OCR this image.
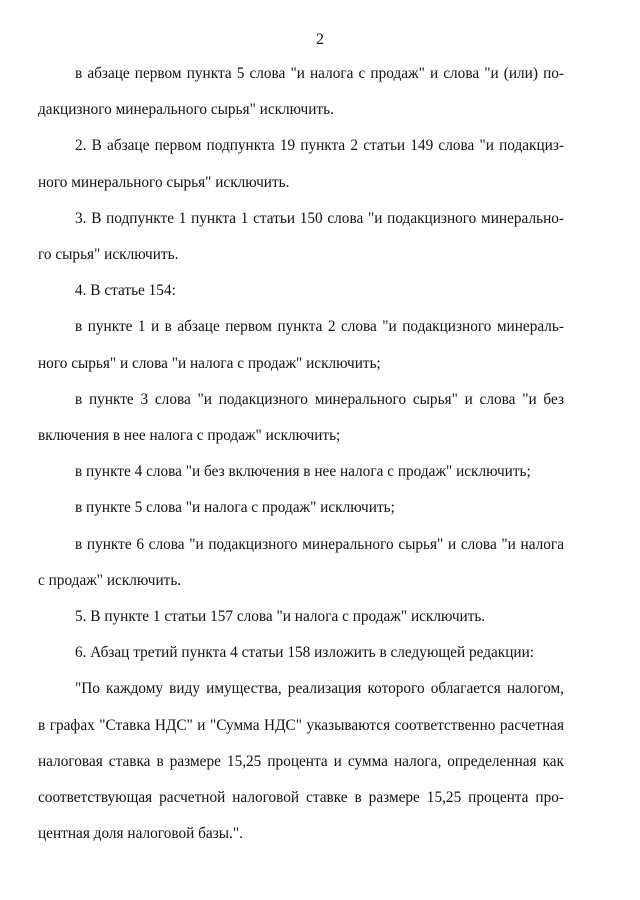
2
в абзаце первом пункта 5 слова "и налога с продаж" и слова "и (или) по-
дакцизного минерального сырья" исключить.
2. В абзаце первом подпункта 19 пункта 2 статьи 149 слова "и подакциз-
ного минерального сырья" исключить.
3. В подпункте 1 пункта 1 статьи 150 слова "и подакцизного минерально-
го сырья" исключить.
4. В статье 154:
в пункте 1 и в абзаце первом пункта 2 слова "и подакцизного минераль-
ного сырья" и слова "и налога с продаж" исключить;
в пункте 3 слова "и подакцизного минерального сырья" и слова "и без
включения в нее налога с продаж" исключить;
в пункте 4 слова "и без включения в нее налога с продаж" исключить;
в пункте 5 слова "и налога с продаж" исключить;
в пункте 6 слова "и подакцизного минерального сырья" и слова "и налога
с продаж" исключить.
5. В пункте 1 статьи 157 слова "и налога с продаж" исключить.
6. Абзац третий пункта 4 статьи 158 изложить в следующей редакции:
"По каждому виду имущества, реализация которого облагается налогом,
в графах "Ставка НДС" и "Сумма НДС" указываются соответственно расчетная
налоговая ставка в размере 15,25 процента и сумма налога, определенная как
соответствующая расчетной налоговой ставке в размере 15,25 процента про-
центная доля налоговой базы.".
